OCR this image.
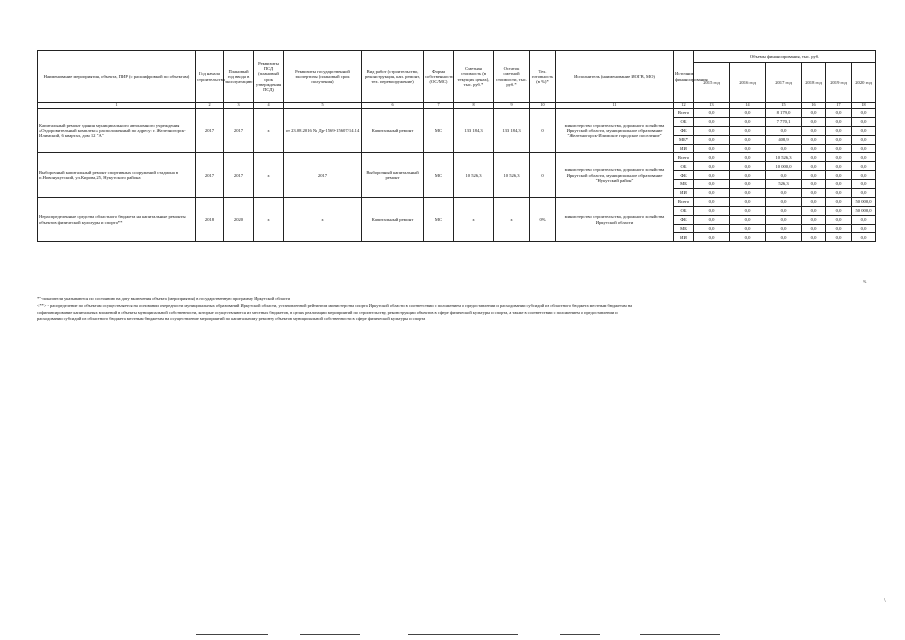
Наименование мероприятия, объекта, ПИР (с расшифровкой по объектам)	Год начала строительства	Плановый год ввода в эксплуатацию	Реквизиты ПСД (плановый срок утверждения ПСД)	Реквизиты государственной экспертизы (плановый срок получения)	Вид работ (строительство, реконструкция, кап. ремонт, тех. перевооружение)	Форма собственности (ОС/МС)	Сметная стоимость (в текущих ценах), тыс. руб.*	Остаток сметной стоимости, тыс. руб.*	Тех. готовность (в %)*	Исполнитель (наименование ИОГВ, МО)	Источник финансирования	Объемы финансирования, тыс. руб.					
												2015 год	2016 год	2017 год	2018 год	2019 год	2020 год
1	2	3	4	5	6	7	8	9	10	11	12	13	14	15	16	17	18
Капитальный ремонт здания муниципального автономного учреждения «Оздоровительный комплекс» расположенный по адресу: г. Железногорск-Илимский, 6 квартал, дом 12 "А"	2017	2017	x	от 23.08.2016 № Др-1569-15607/14.14	Капитальный ремонт	МС	133 184,3	133 184,3	0	министерство строительства, дорожного хозяйства Иркутской области, муниципальное образование "Железногорск-Илимское городское поселение"	Всего	0,0	0,0	8 179,0	0,0	0,0	0,0
											ОБ	0,0	0,0	7 770,1	0,0	0,0	0,0
											ФБ	0,0	0,0	0,0	0,0	0,0	0,0
											МБ*	0,0	0,0	408,9	0,0	0,0	0,0
											ИИ	0,0	0,0	0,0	0,0	0,0	0,0
Выборочный капитальный ремонт спортивных сооружений стадиона в п.Новонукутский, ул.Кирова,25, Нукутского района	2017	2017	x	2017	Выборочный капитальный ремонт	МС	10 526,3	10 526,3	0	министерство строительства, дорожного хозяйства Иркутской области, муниципальное образование "Нукутский район"	Всего	0,0	0,0	10 526,3	0,0	0,0	0,0
											ОБ	0,0	0,0	10 000,0	0,0	0,0	0,0
											ФБ	0,0	0,0	0,0	0,0	0,0	0,0
											МБ	0,0	0,0	526,3	0,0	0,0	0,0
											ИИ	0,0	0,0	0,0	0,0	0,0	0,0
Нераспределенные средства областного бюджета на капитальные ремонты объектов физической культуры и спорта**	2018	2020	x	x	Капитальный ремонт	МС	x	x	0%	министерство строительства, дорожного хозяйства Иркутской области	Всего	0,0	0,0	0,0	0,0	0,0	50 000,0
											ОБ	0,0	0,0	0,0	0,0	0,0	50 000,0
											ФБ	0,0	0,0	0,0	0,0	0,0	0,0
											МБ	0,0	0,0	0,0	0,0	0,0	0,0
											ИИ	0,0	0,0	0,0	0,0	0,0	0,0
*"-показатели указываются по состоянию на дату включения объекта (мероприятия) в государственную программу Иркутской области
<**> - распределение по объектам осуществляется на основании очередности муниципальных образований Иркутской области, установленной рейтингом министерства спорта Иркутской области в соответствии с положением о предоставлении и расходовании субсидий из областного бюджета местным бюджетам на
софинансирование капитальных вложений в объекты муниципальной собственности, которые осуществляются из местных бюджетов, в целях реализации мероприятий по строительству, реконструкции объектов в сфере физической культуры и спорта, а также в соответствии с положением о предоставлении и
расходовании субсидий из областного бюджета местным бюджетам на осуществление мероприятий по капитальному ремонту объектов муниципальной собственности в сфере физической культуры и спорта
%
\
